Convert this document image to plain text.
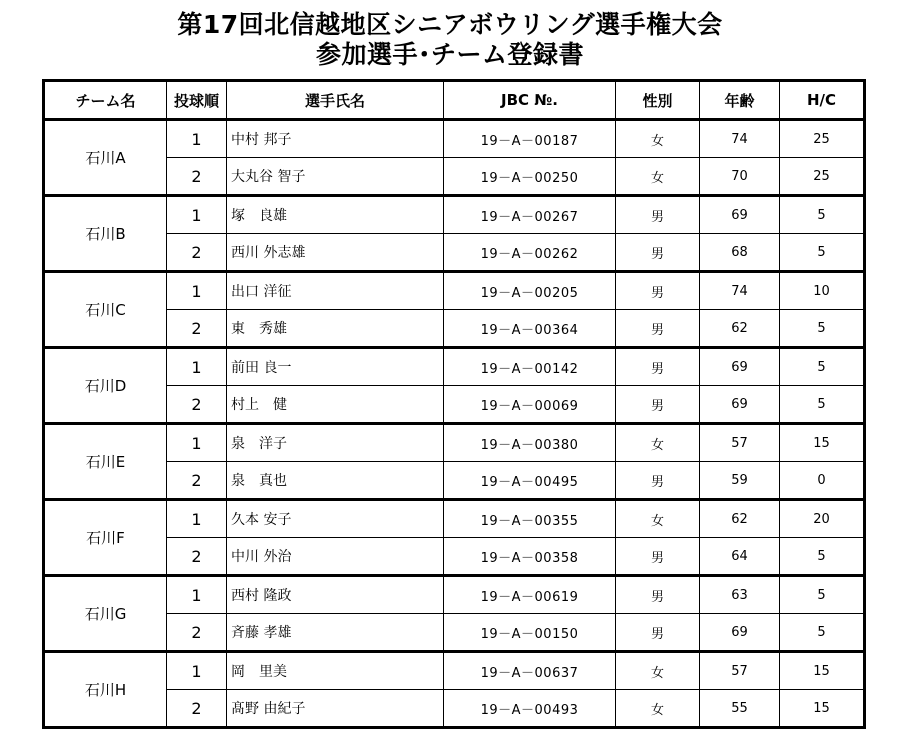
第17回北信越地区シニアボウリング選手権大会
参加選手･チーム登録書
チーム名	投球順	選手氏名	JBC №.	性別	年齢	H/C
石川A	1	中村 邦子	19－A－00187	女	74	25
	2	大丸谷 智子	19－A－00250	女	70	25
石川B	1	塚　良雄	19－A－00267	男	69	5
	2	西川 外志雄	19－A－00262	男	68	5
石川C	1	出口 洋征	19－A－00205	男	74	10
	2	東　秀雄	19－A－00364	男	62	5
石川D	1	前田 良一	19－A－00142	男	69	5
	2	村上　健	19－A－00069	男	69	5
石川E	1	泉　洋子	19－A－00380	女	57	15
	2	泉　真也	19－A－00495	男	59	0
石川F	1	久本 安子	19－A－00355	女	62	20
	2	中川 外治	19－A－00358	男	64	5
石川G	1	西村 隆政	19－A－00619	男	63	5
	2	斉藤 孝雄	19－A－00150	男	69	5
石川H	1	岡　里美	19－A－00637	女	57	15
	2	髙野 由紀子	19－A－00493	女	55	15
